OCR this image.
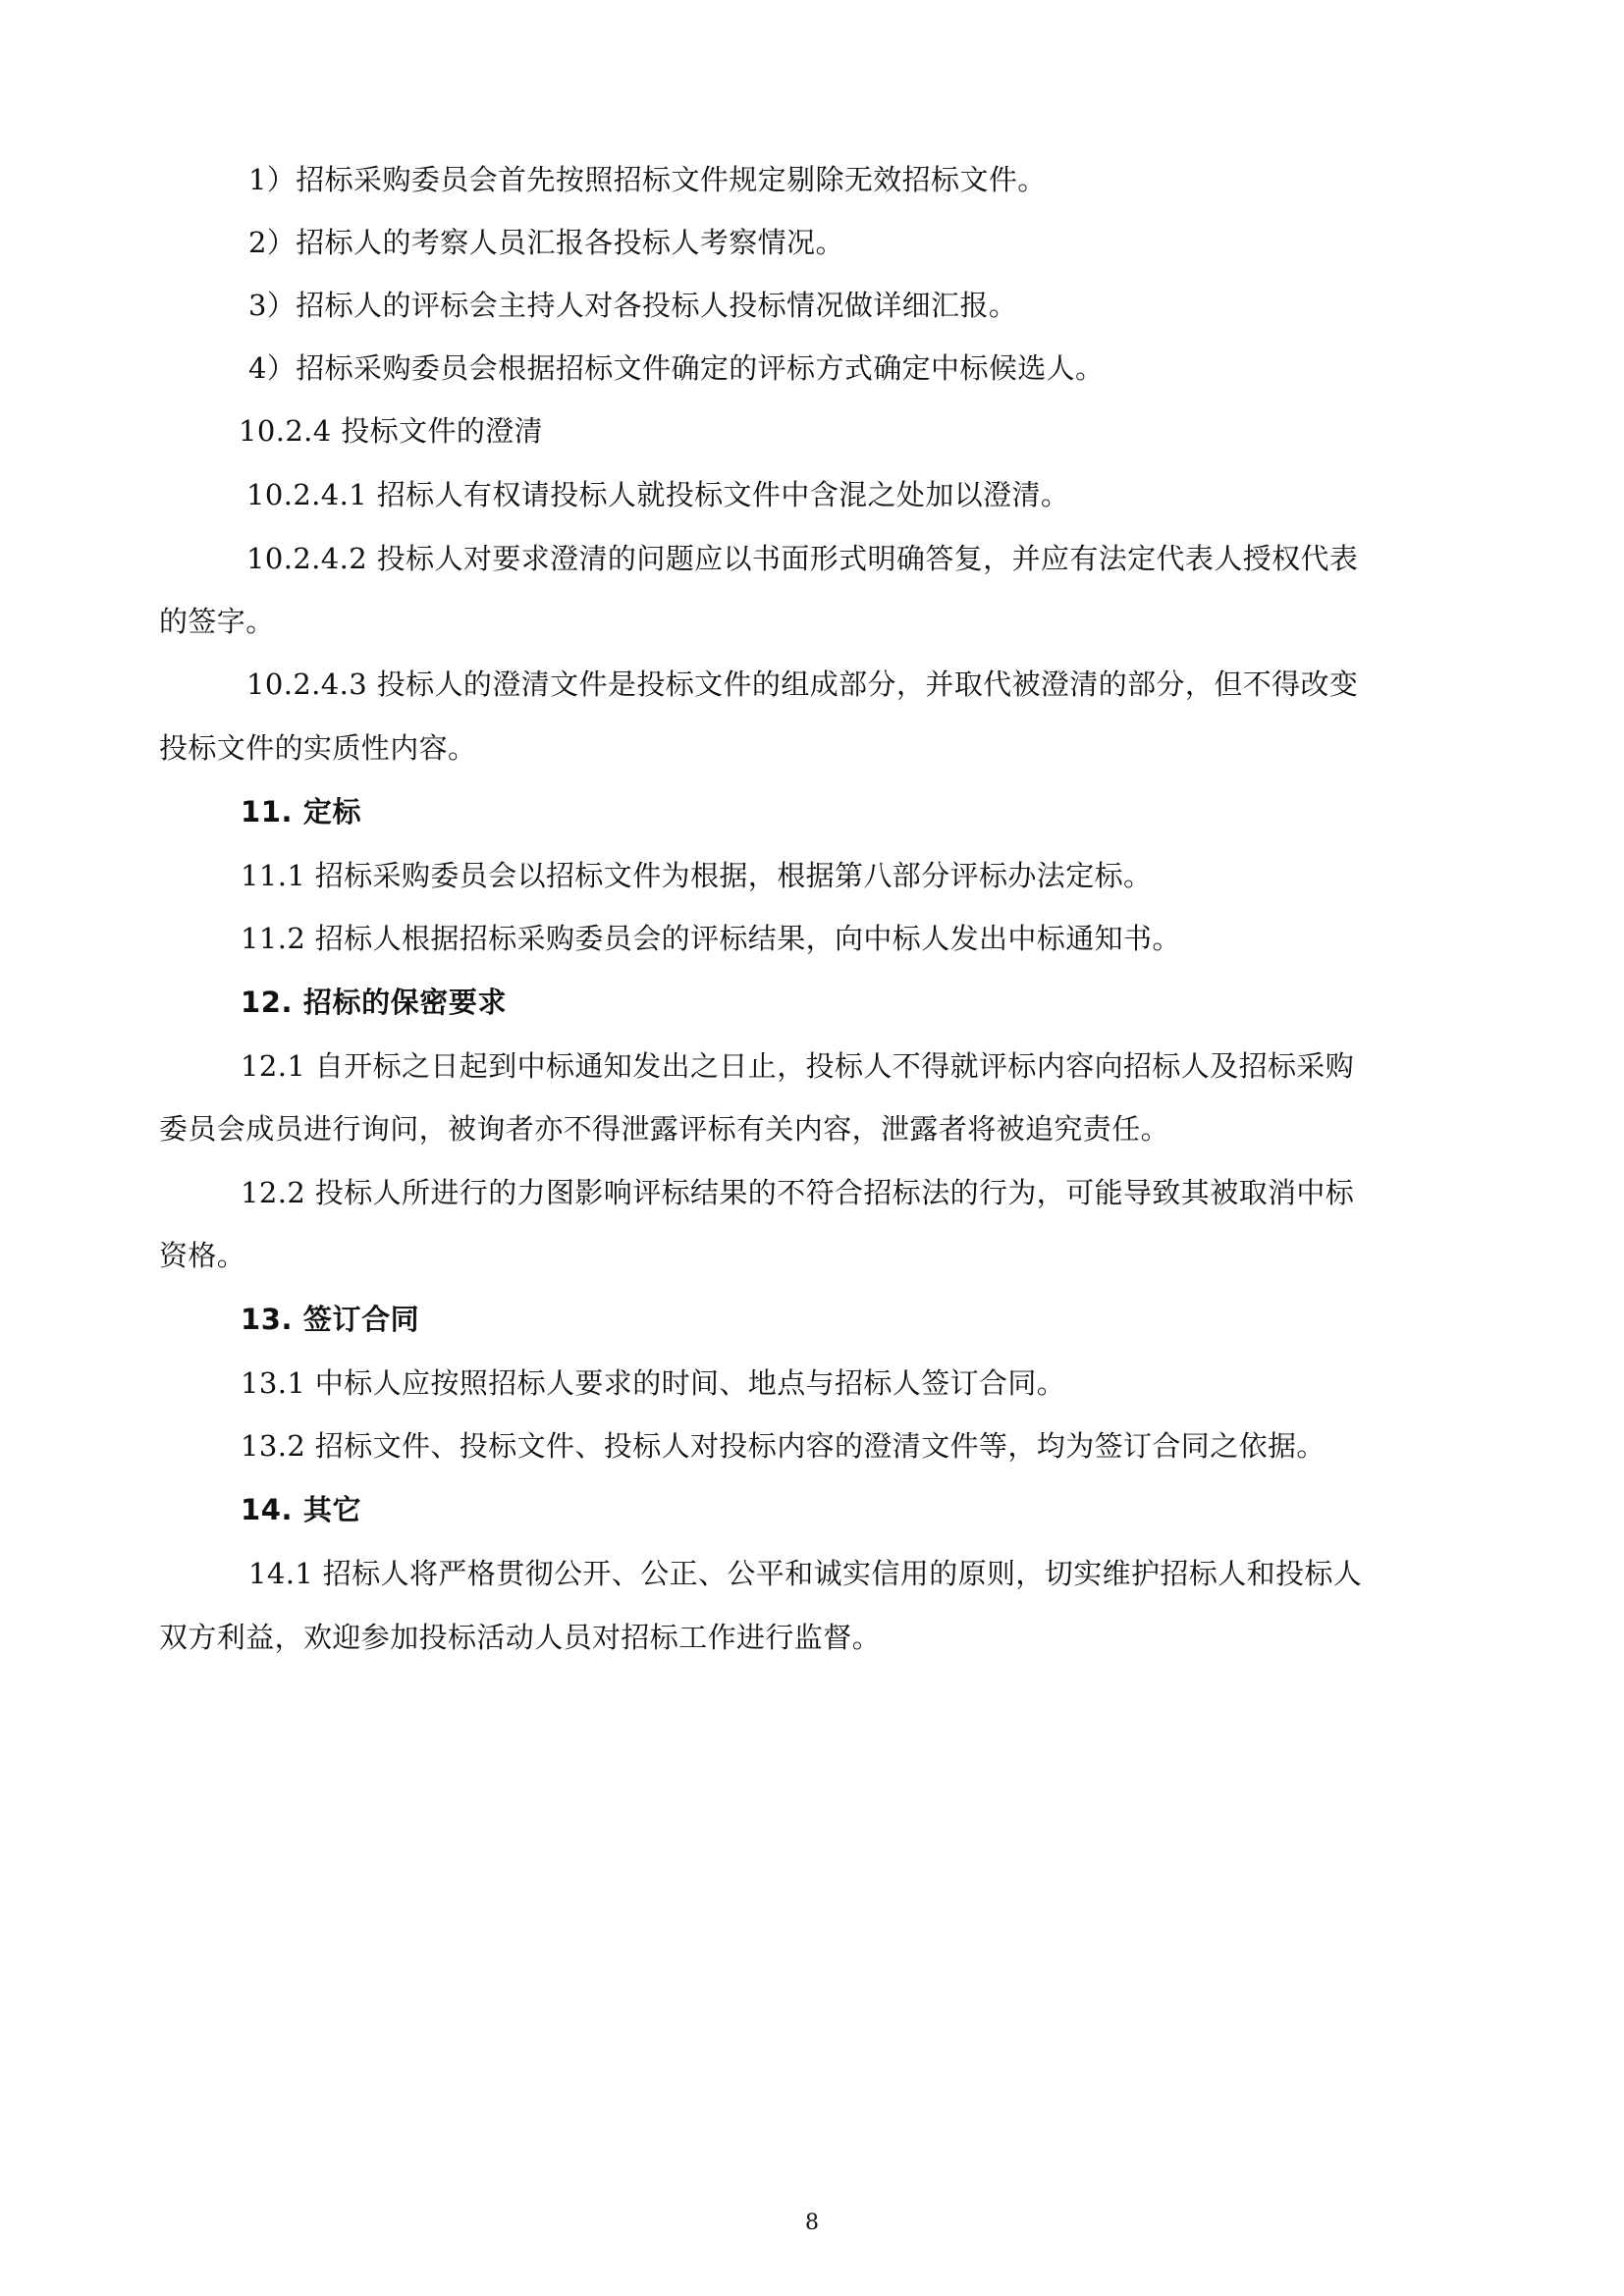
1）招标采购委员会首先按照招标文件规定剔除无效招标文件。
2）招标人的考察人员汇报各投标人考察情况。
3）招标人的评标会主持人对各投标人投标情况做详细汇报。
4）招标采购委员会根据招标文件确定的评标方式确定中标候选人。
10.2.4 投标文件的澄清
10.2.4.1 招标人有权请投标人就投标文件中含混之处加以澄清。
10.2.4.2 投标人对要求澄清的问题应以书面形式明确答复，并应有法定代表人授权代表
的签字。
10.2.4.3 投标人的澄清文件是投标文件的组成部分，并取代被澄清的部分，但不得改变
投标文件的实质性内容。
11. 定标
11.1 招标采购委员会以招标文件为根据，根据第八部分评标办法定标。
11.2 招标人根据招标采购委员会的评标结果，向中标人发出中标通知书。
12. 招标的保密要求
12.1 自开标之日起到中标通知发出之日止，投标人不得就评标内容向招标人及招标采购
委员会成员进行询问，被询者亦不得泄露评标有关内容，泄露者将被追究责任。
12.2 投标人所进行的力图影响评标结果的不符合招标法的行为，可能导致其被取消中标
资格。
13. 签订合同
13.1 中标人应按照招标人要求的时间、地点与招标人签订合同。
13.2 招标文件、投标文件、投标人对投标内容的澄清文件等，均为签订合同之依据。
14. 其它
14.1 招标人将严格贯彻公开、公正、公平和诚实信用的原则，切实维护招标人和投标人
双方利益，欢迎参加投标活动人员对招标工作进行监督。
8
